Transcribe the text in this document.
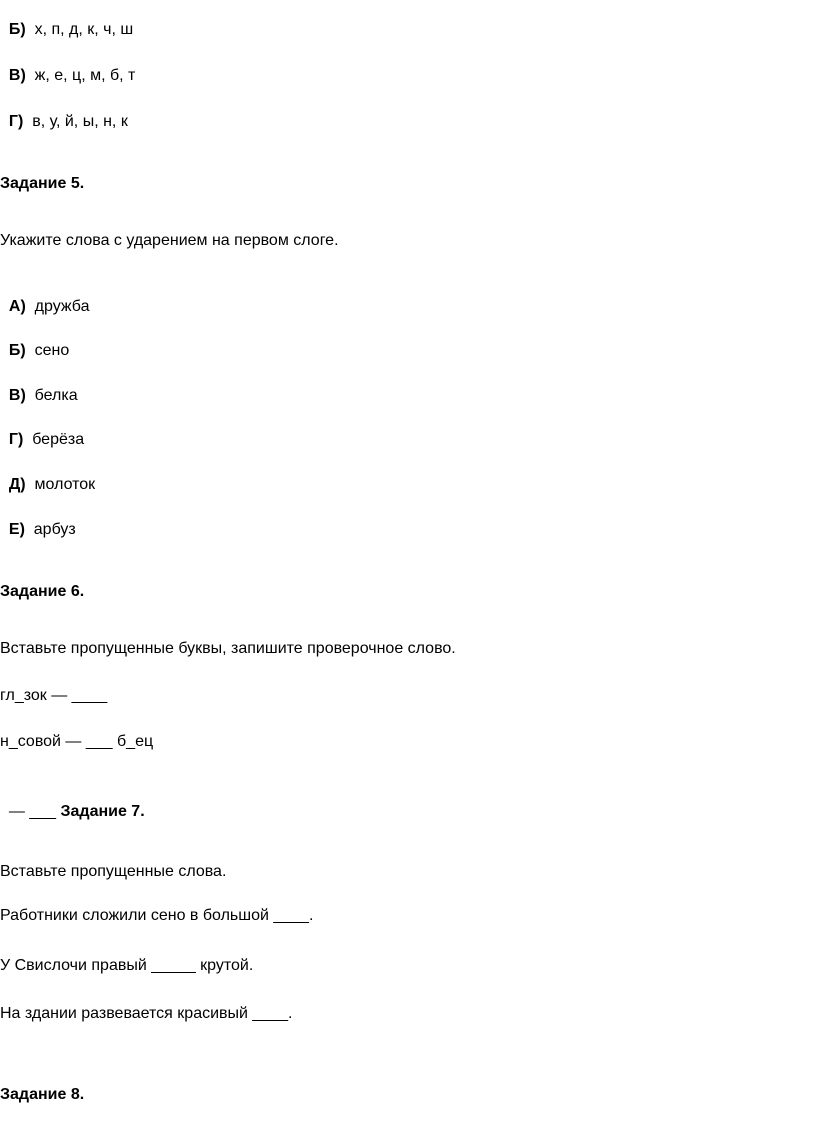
Б) х, п, д, к, ч, ш

В) ж, е, ц, м, б, т

Г) в, у, й, ы, н, к

Задание 5.
Укажите слова с ударением на первом слоге.

А) дружба

Б) сено

В) белка

Г) берёза

Д) молоток

Е) арбуз

Задание 6.
Вставьте пропущенные буквы, запишите проверочное слово.
гл_зок — ____
н_совой — ___ б_ец

— ___ Задание 7.

Вставьте пропущенные слова.
Работники сложили сено в большой ____.
У Свислочи правый _____ крутой.
На здании развевается красивый ____.
Задание 8.
